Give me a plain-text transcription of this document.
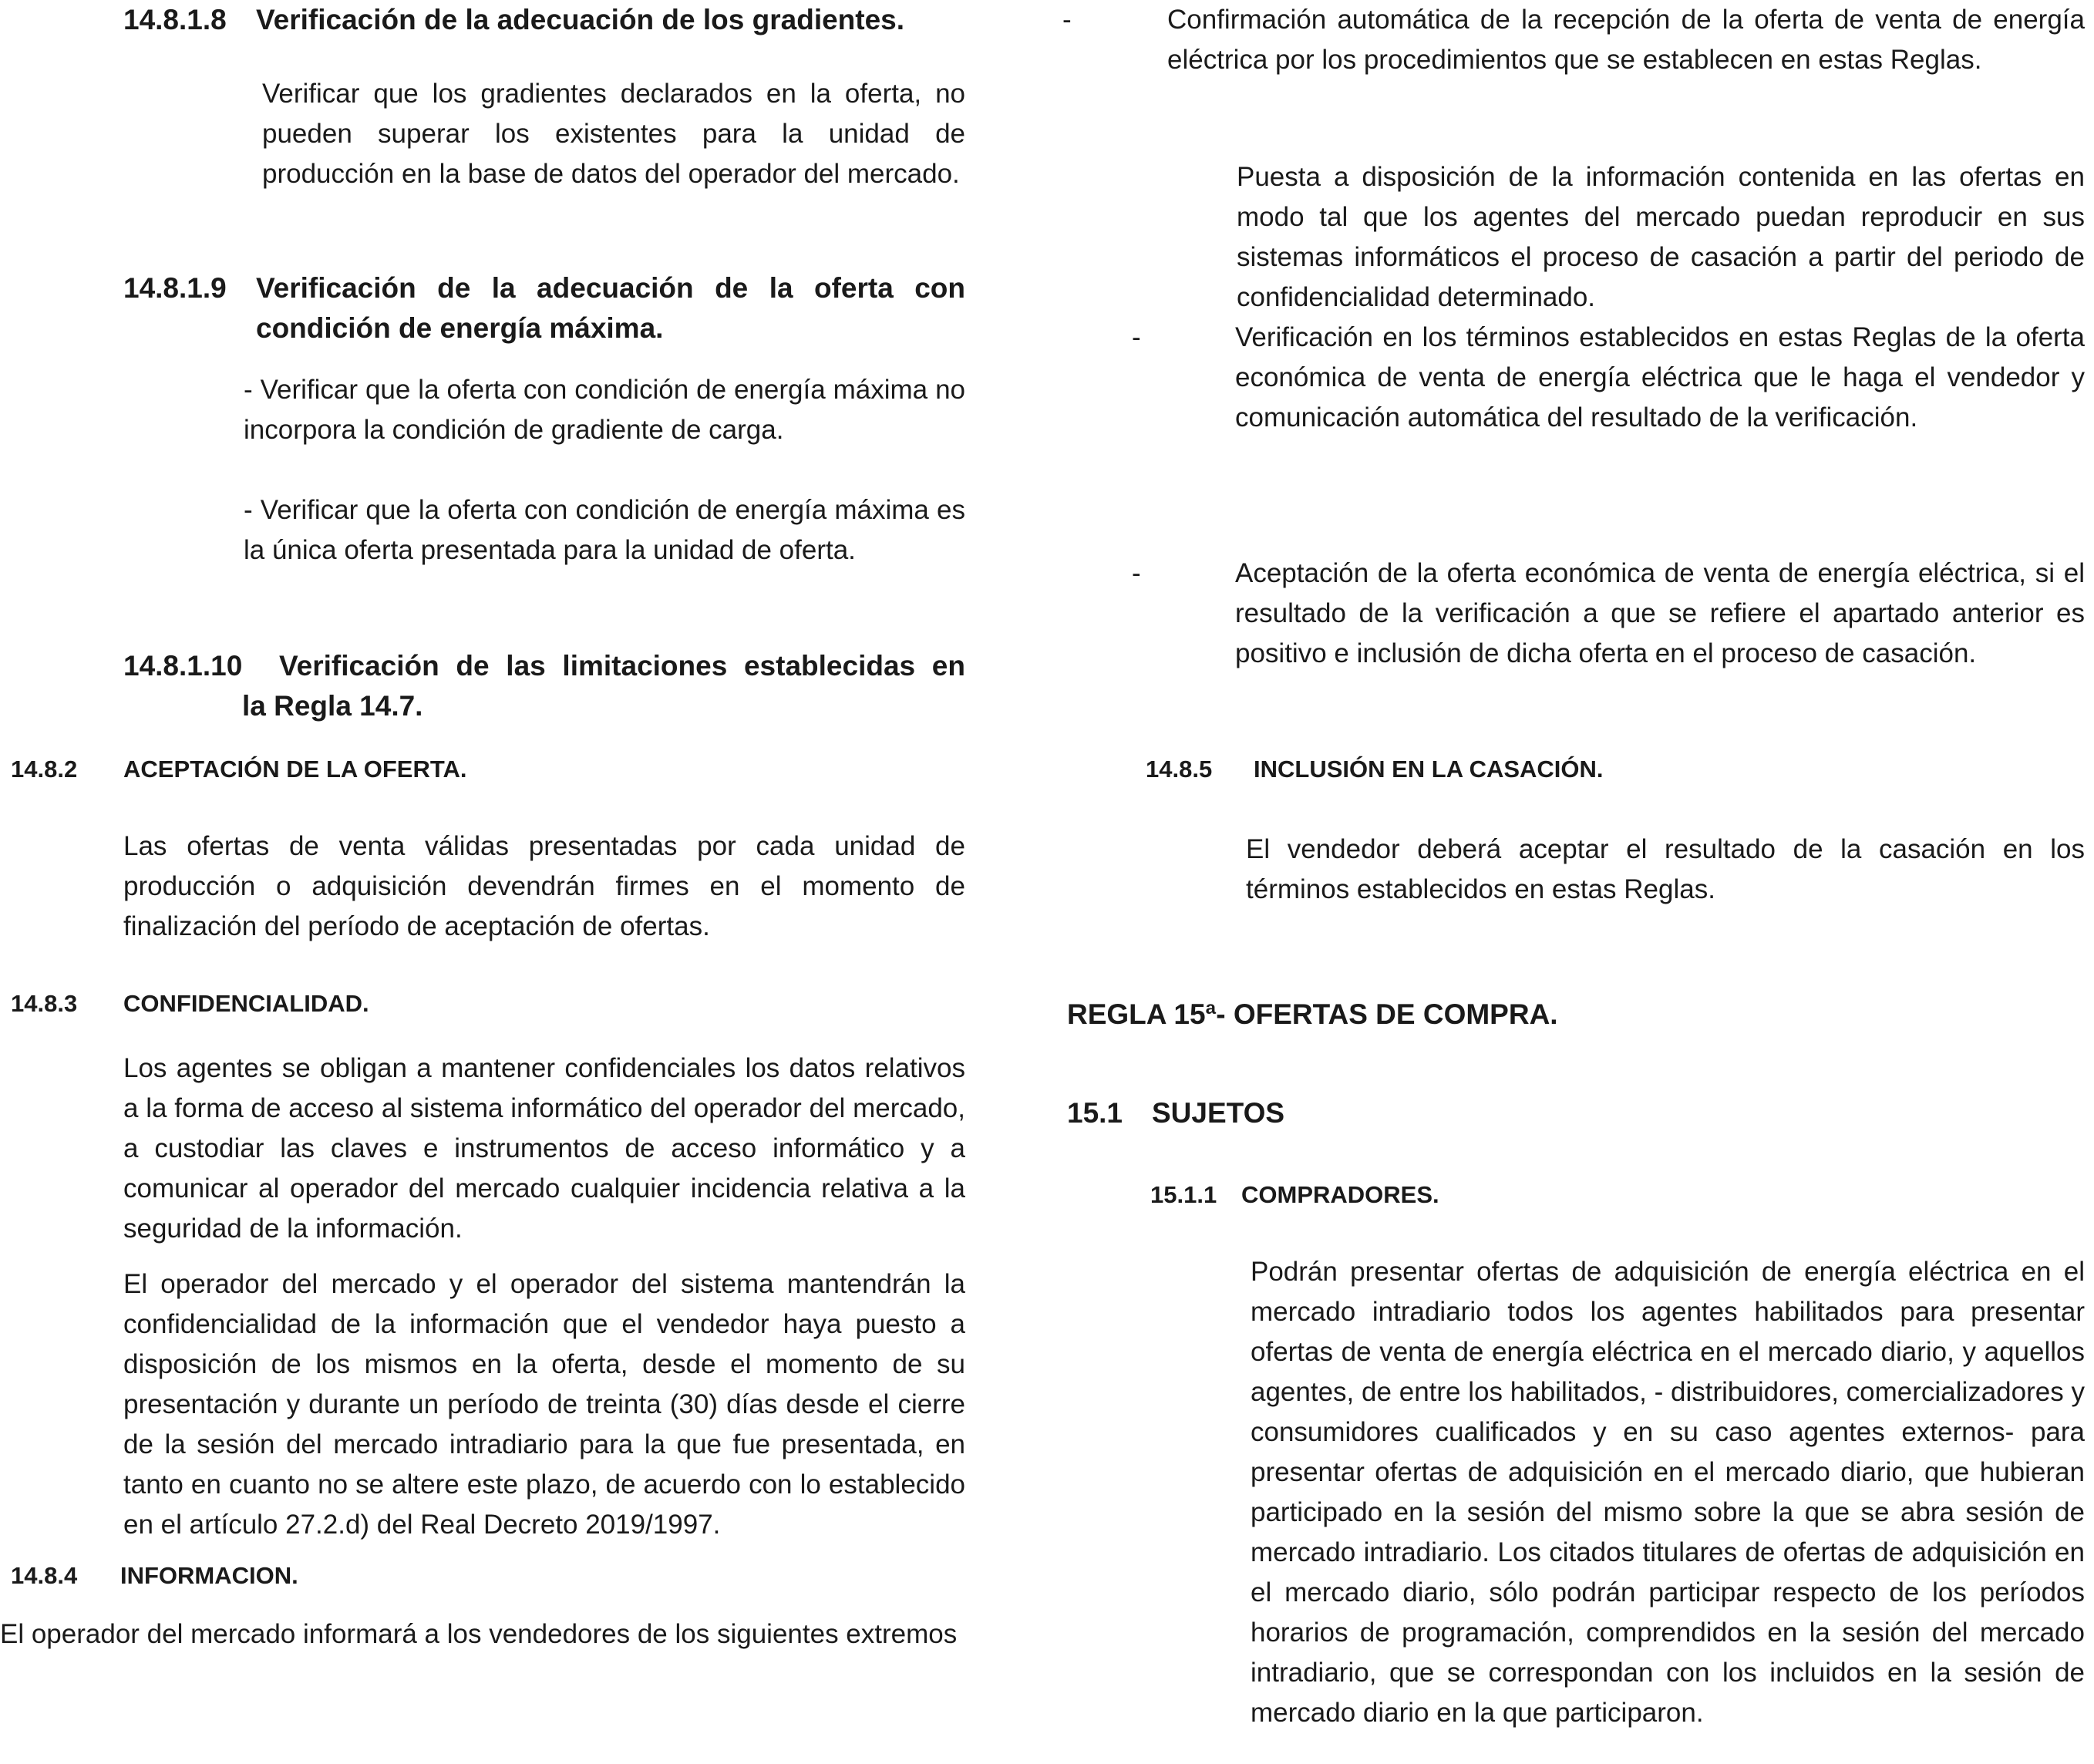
14.8.1.8 Verificación de la adecuación de los gradientes.
Verificar que los gradientes declarados en la oferta, no pueden superar los existentes para la unidad de producción en la base de datos del operador del mercado.
14.8.1.9	Verificación de la adecuación de la oferta con
condición de energía máxima.
- Verificar que la oferta con condición de energía máxima no incorpora la condición de gradiente de carga.
- Verificar que la oferta con condición de energía máxima es la única oferta presentada para la unidad de oferta.
14.8.1.10	Verificación de las limitaciones establecidas en
la Regla 14.7.
14.8.2 ACEPTACIÓN DE LA OFERTA.
Las ofertas de venta válidas presentadas por cada unidad de producción o adquisición devendrán firmes en el momento de finalización del período de aceptación de ofertas.
14.8.3 CONFIDENCIALIDAD.
Los agentes se obligan a mantener confidenciales los datos relativos a la forma de acceso al sistema informático del operador del mercado, a custodiar las claves e instrumentos de acceso informático y a comunicar al operador del mercado cualquier incidencia relativa a la seguridad de la información.
El operador del mercado y el operador del sistema mantendrán la confidencialidad de la información que el vendedor haya puesto a disposición de los mismos en la oferta, desde el momento de su presentación y durante un período de treinta (30) días desde el cierre de la sesión del mercado intradiario para la que fue presentada, en tanto en cuanto no se altere este plazo, de acuerdo con lo establecido en el artículo 27.2.d) del Real Decreto 2019/1997.
14.8.4 INFORMACION.
El operador del mercado informará a los vendedores de los siguientes extremos
-	Confirmación automática de la recepción de la oferta de venta de energía eléctrica por los procedimientos que se establecen en estas Reglas.
Puesta a disposición de la información contenida en las ofertas en modo tal que los agentes del mercado puedan reproducir en sus sistemas informáticos el proceso de casación a partir del periodo de confidencialidad determinado.
-	Verificación en los términos establecidos en estas Reglas de la oferta económica de venta de energía eléctrica que le haga el vendedor y comunicación automática del resultado de la verificación.
-	Aceptación de la oferta económica de venta de energía eléctrica, si el resultado de la verificación a que se refiere el apartado anterior es positivo e inclusión de dicha oferta en el proceso de casación.
14.8.5 INCLUSIÓN EN LA CASACIÓN.
El vendedor deberá aceptar el resultado de la casación en los términos establecidos en estas Reglas.
REGLA 15ª- OFERTAS DE COMPRA.
15.1 SUJETOS
15.1.1 COMPRADORES.
Podrán presentar ofertas de adquisición de energía eléctrica en el mercado intradiario todos los agentes habilitados para presentar ofertas de venta de energía eléctrica en el mercado diario, y aquellos agentes, de entre los habilitados, - distribuidores, comercializadores y consumidores cualificados y en su caso agentes externos- para presentar ofertas de adquisición en el mercado diario, que hubieran participado en la sesión del mismo sobre la que se abra sesión de mercado intradiario. Los citados titulares de ofertas de adquisición en el mercado diario, sólo podrán participar respecto de los períodos horarios de programación, comprendidos en la sesión del mercado intradiario, que se correspondan con los incluidos en la sesión de mercado diario en la que participaron.
